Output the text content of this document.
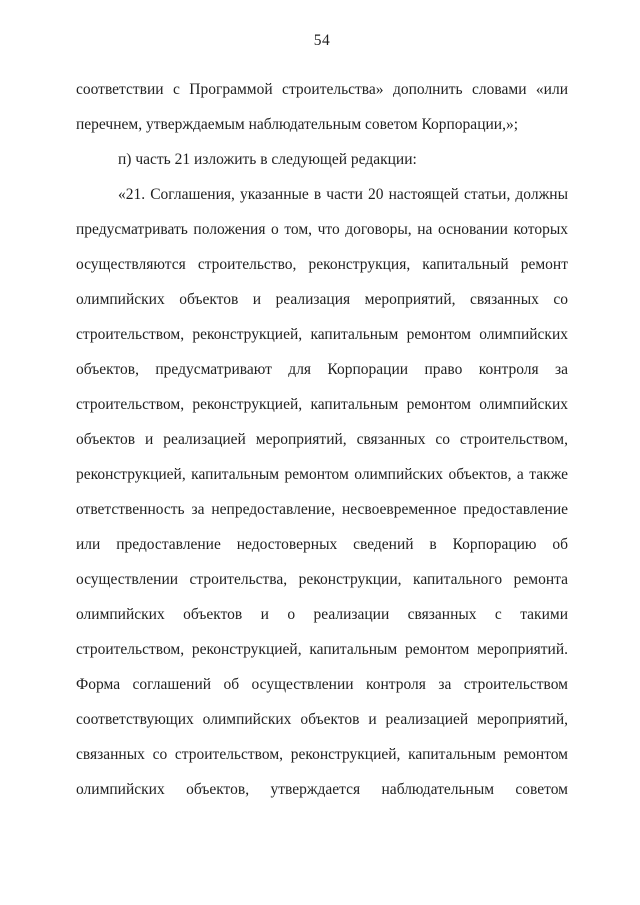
54
соответствии с Программой строительства» дополнить словами «или
перечнем, утверждаемым наблюдательным советом Корпорации,»;
п) часть 21 изложить в следующей редакции:
«21. Соглашения, указанные в части 20 настоящей статьи, должны
предусматривать положения о том, что договоры, на основании которых
осуществляются строительство, реконструкция, капитальный ремонт
олимпийских объектов и реализация мероприятий, связанных со
строительством, реконструкцией, капитальным ремонтом олимпийских
объектов, предусматривают для Корпорации право контроля за
строительством, реконструкцией, капитальным ремонтом олимпийских
объектов и реализацией мероприятий, связанных со строительством,
реконструкцией, капитальным ремонтом олимпийских объектов, а также
ответственность за непредоставление, несвоевременное предоставление
или предоставление недостоверных сведений в Корпорацию об
осуществлении строительства, реконструкции, капитального ремонта
олимпийских объектов и о реализации связанных с такими
строительством, реконструкцией, капитальным ремонтом мероприятий.
Форма соглашений об осуществлении контроля за строительством
соответствующих олимпийских объектов и реализацией мероприятий,
связанных со строительством, реконструкцией, капитальным ремонтом
олимпийских объектов, утверждается наблюдательным советом
